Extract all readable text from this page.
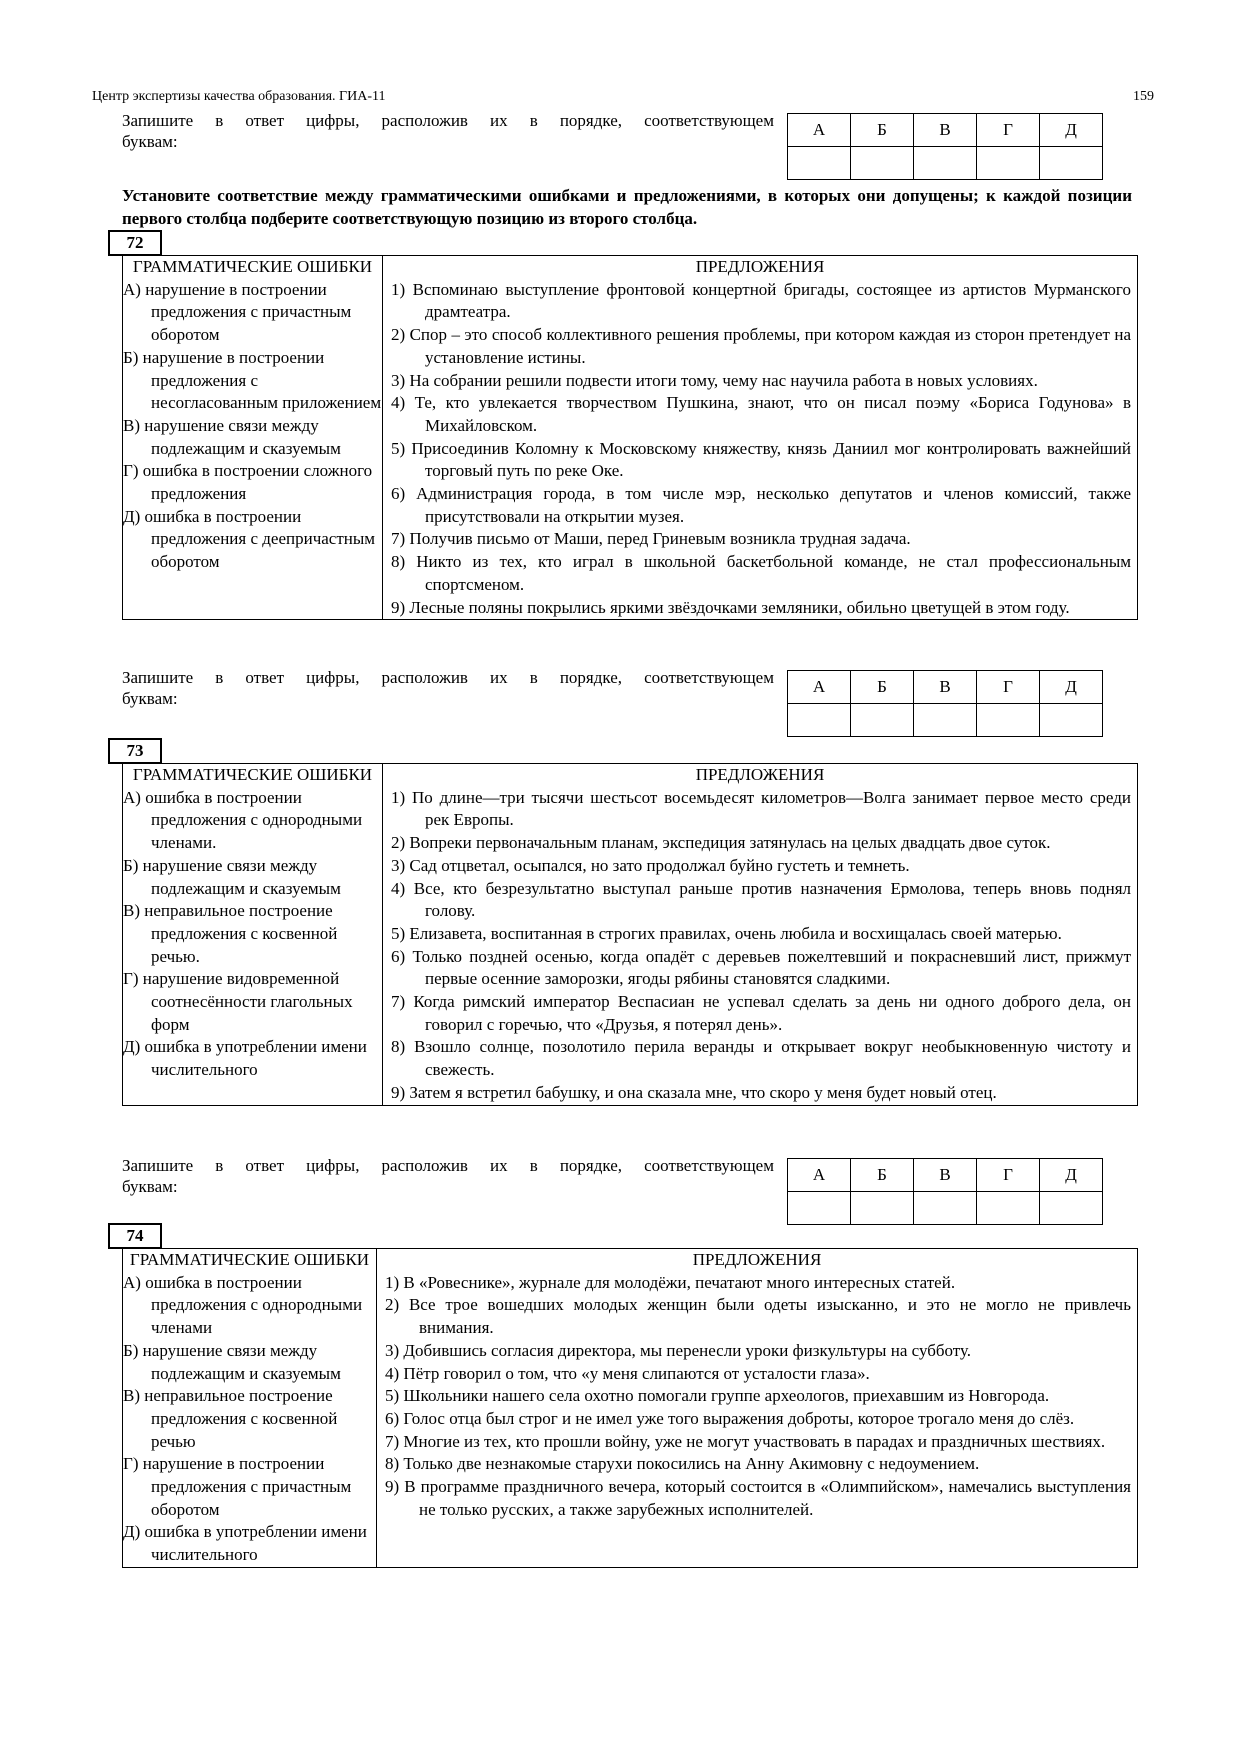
Центр экспертизы качества образования. ГИА-11	159
Запишите в ответ цифры, расположив их в порядке, соответствующем
буквам:
А	Б	В	Г	Д

Установите соответствие между грамматическими ошибками и предложениями, в которых они допущены; к каждой позиции первого столбца подберите соответствующую позицию из второго столбца.
72
ГРАММАТИЧЕСКИЕ ОШИБКИ
А) нарушение в построении предложения с причастным оборотом
Б) нарушение в построении предложения с несогласованным приложением
В) нарушение связи между подлежащим и сказуемым
Г) ошибка в построении сложного предложения
Д) ошибка в построении предложения с деепричастным оборотом

ПРЕДЛОЖЕНИЯ
1) Вспоминаю выступление фронтовой концертной бригады, состоящее из артистов Мурманского драмтеатра.
2) Спор – это способ коллективного решения проблемы, при котором каждая из сторон претендует на установление истины.
3) На собрании решили подвести итоги тому, чему нас научила работа в новых условиях.
4) Те, кто увлекается творчеством Пушкина, знают, что он писал поэму «Бориса Годунова» в Михайловском.
5) Присоединив Коломну к Московскому княжеству, князь Даниил мог контролировать важнейший торговый путь по реке Оке.
6) Администрация города, в том числе мэр, несколько депутатов и членов комиссий, также присутствовали на открытии музея.
7) Получив письмо от Маши, перед Гриневым возникла трудная задача.
8) Никто из тех, кто играл в школьной баскетбольной команде, не стал профессиональным спортсменом.
9) Лесные поляны покрылись яркими звёздочками земляники, обильно цветущей в этом году.
Запишите в ответ цифры, расположив их в порядке, соответствующем
буквам:
А	Б	В	Г	Д

73
ГРАММАТИЧЕСКИЕ ОШИБКИ
А) ошибка в построении предложения с однородными членами.
Б) нарушение связи между подлежащим и сказуемым
В) неправильное построение предложения с косвенной речью.
Г) нарушение видовременной соотнесённости глагольных форм
Д) ошибка в употреблении имени числительного

ПРЕДЛОЖЕНИЯ
1) По длине—три тысячи шестьсот восемьдесят километров—Волга занимает первое место среди рек Европы.
2) Вопреки первоначальным планам, экспедиция затянулась на целых двадцать двое суток.
3) Сад отцветал, осыпался, но зато продолжал буйно густеть и темнеть.
4) Все, кто безрезультатно выступал раньше против назначения Ермолова, теперь вновь поднял голову.
5) Елизавета, воспитанная в строгих правилах, очень любила и восхищалась своей матерью.
6) Только поздней осенью, когда опадёт с деревьев пожелтевший и покрасневший лист, прижмут первые осенние заморозки, ягоды рябины становятся сладкими.
7) Когда римский император Веспасиан не успевал сделать за день ни одного доброго дела, он говорил с горечью, что «Друзья, я потерял день».
8) Взошло солнце, позолотило перила веранды и открывает вокруг необыкновенную чистоту и свежесть.
9) Затем я встретил бабушку, и она сказала мне, что скоро у меня будет новый отец.
Запишите в ответ цифры, расположив их в порядке, соответствующем
буквам:
А	Б	В	Г	Д

74
ГРАММАТИЧЕСКИЕ ОШИБКИ
А) ошибка в построении предложения с однородными членами
Б) нарушение связи между подлежащим и сказуемым
В) неправильное построение предложения с косвенной речью
Г) нарушение в построении предложения с причастным оборотом
Д) ошибка в употреблении имени числительного

ПРЕДЛОЖЕНИЯ
1) В «Ровеснике», журнале для молодёжи, печатают много интересных статей.
2) Все трое вошедших молодых женщин были одеты изысканно, и это не могло не привлечь внимания.
3) Добившись согласия директора, мы перенесли уроки физкультуры на субботу.
4) Пётр говорил о том, что «у меня слипаются от усталости глаза».
5) Школьники нашего села охотно помогали группе археологов, приехавшим из Новгорода.
6) Голос отца был строг и не имел уже того выражения доброты, которое трогало меня до слёз.
7) Многие из тех, кто прошли войну, уже не могут участвовать в парадах и праздничных шествиях.
8) Только две незнакомые старухи покосились на Анну Акимовну с недоумением.
9) В программе праздничного вечера, который состоится в «Олимпийском», намечались выступления не только русских, а также зарубежных исполнителей.
